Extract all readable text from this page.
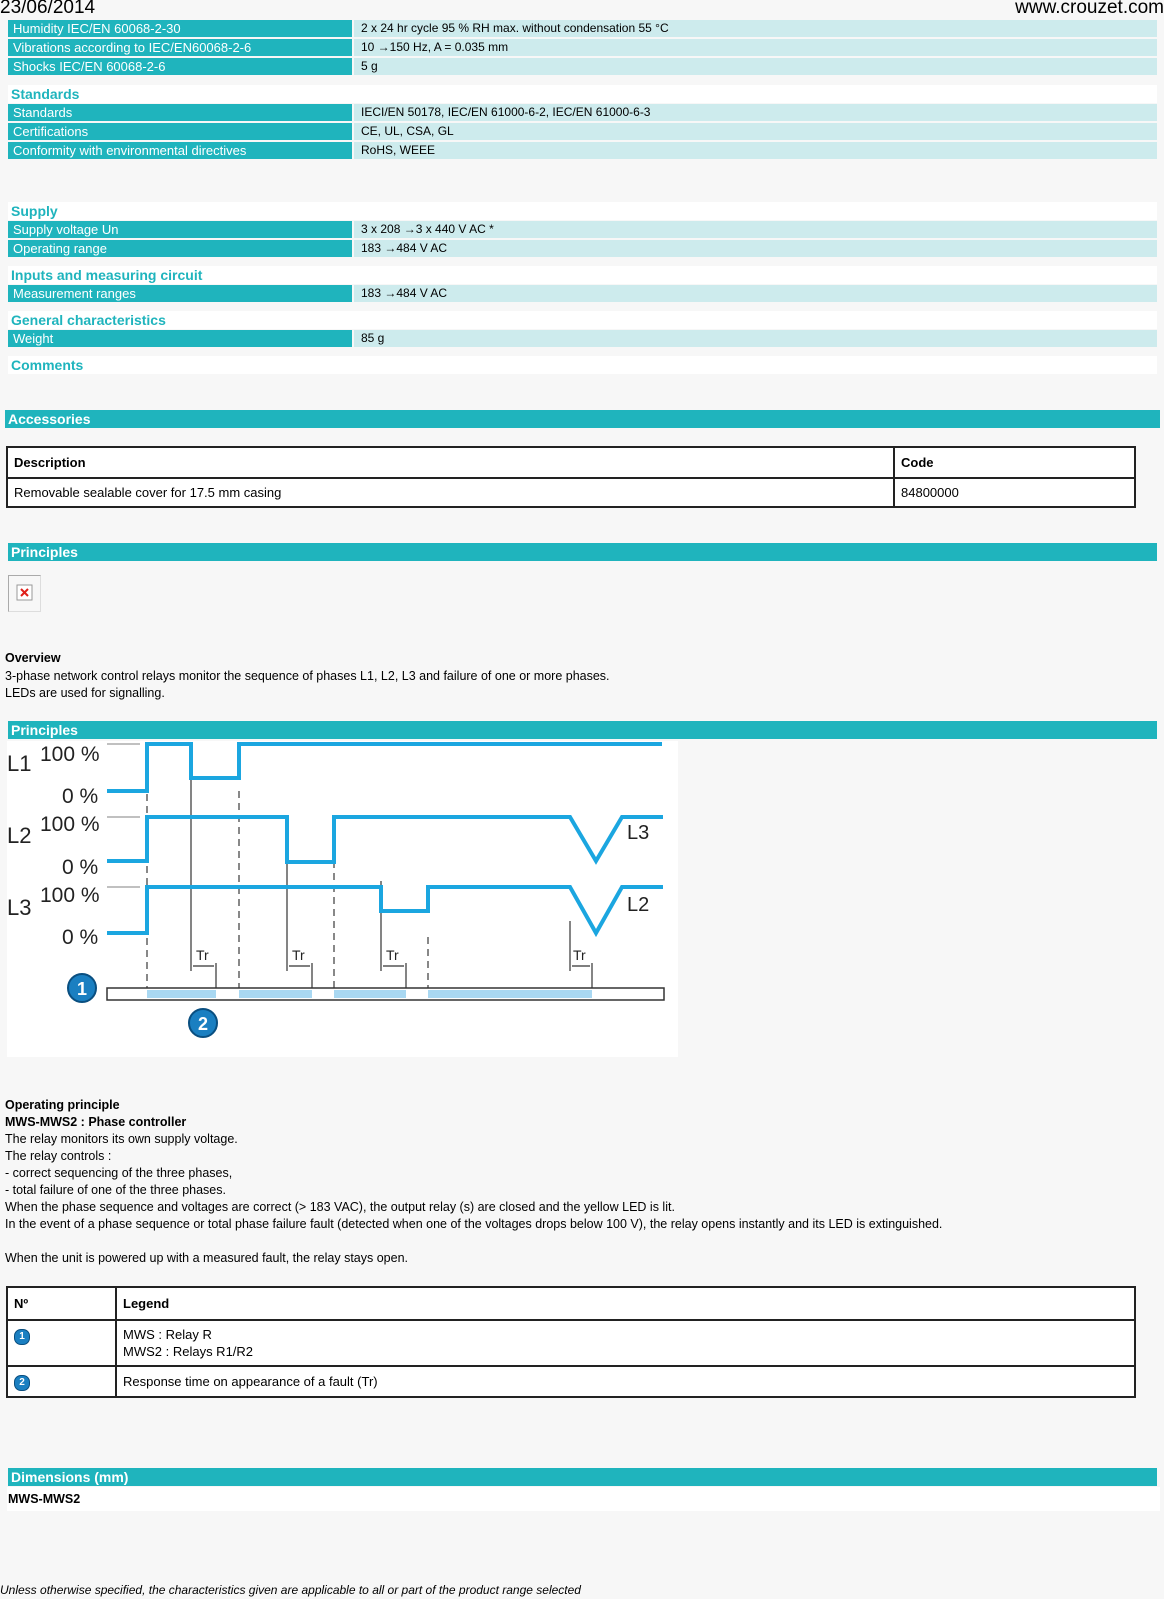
23/06/2014	www.crouzet.com
Humidity IEC/EN 60068-2-30	2 x 24 hr cycle 95 % RH max. without condensation 55 °C
Vibrations according to IEC/EN60068-2-6	10 →150 Hz, A = 0.035 mm
Shocks IEC/EN 60068-2-6	5 g
Standards
Standards	IECI/EN 50178, IEC/EN 61000-6-2, IEC/EN 61000-6-3
Certifications	CE, UL, CSA, GL
Conformity with environmental directives	RoHS, WEEE
Supply
Supply voltage Un	3 x 208 →3 x 440 V AC *
Operating range	183 →484 V AC
Inputs and measuring circuit
Measurement ranges	183 →484 V AC
General characteristics
Weight	85 g
Comments
Accessories
Description	Code
Removable sealable cover for 17.5 mm casing	84800000
Principles
Overview
3-phase network control relays monitor the sequence of phases L1, L2, L3 and failure of one or more phases.
LEDs are used for signalling.
Principles
L1
L2
L3
100 %
0 %
100 %
0 %
100 %
0 %
Tr	Tr	Tr	Tr
L3
L2
1
2
Operating principle
MWS-MWS2 : Phase controller
The relay monitors its own supply voltage.
The relay controls :
- correct sequencing of the three phases,
- total failure of one of the three phases.
When the phase sequence and voltages are correct (> 183 VAC), the output relay (s) are closed and the yellow LED is lit.
In the event of a phase sequence or total phase failure fault (detected when one of the voltages drops below 100 V), the relay opens instantly and its LED is extinguished.
When the unit is powered up with a measured fault, the relay stays open.
Nº	Legend
1	MWS : Relay R
MWS2 : Relays R1/R2

2	Response time on appearance of a fault (Tr)
Dimensions (mm)
MWS-MWS2
Unless otherwise specified, the characteristics given are applicable to all or part of the product range selected
